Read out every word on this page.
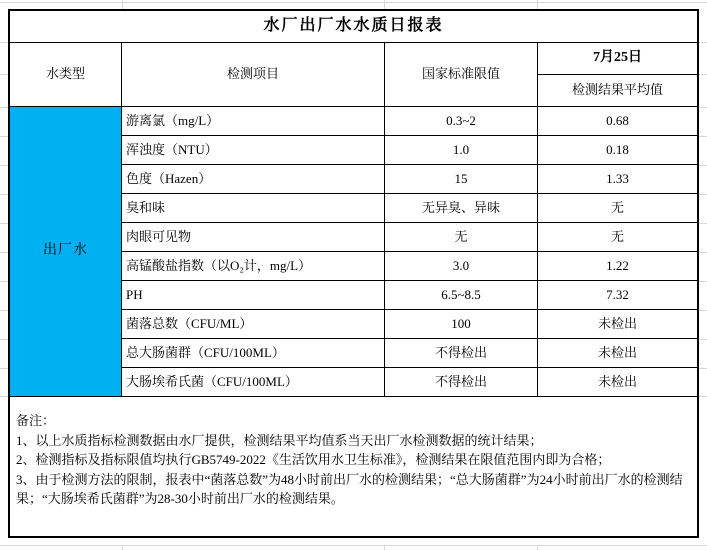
水厂出厂水水质日报表
水类型	检测项目	国家标准限值
7月25日
检测结果平均值
出厂水
游离氯（mg/L）	0.3~2	0.68
浑浊度（NTU）	1.0	0.18
色度（Hazen）	15	1.33
臭和味	无异臭、异味	无
肉眼可见物	无	无
高锰酸盐指数（以O₂计，mg/L）	3.0	1.22
PH	6.5~8.5	7.32
菌落总数（CFU/ML）	100	未检出
总大肠菌群（CFU/100ML）	不得检出	未检出
大肠埃希氏菌（CFU/100ML）	不得检出	未检出
备注：
1、以上水质指标检测数据由水厂提供，检测结果平均值系当天出厂水检测数据的统计结果；
2、检测指标及指标限值均执行GB5749-2022《生活饮用水卫生标准》，检测结果在限值范围内即为合格；
3、由于检测方法的限制，报表中“菌落总数”为48小时前出厂水的检测结果；“总大肠菌群”为24小时前出厂水的检测结果；“大肠埃希氏菌群”为28-30小时前出厂水的检测结果。
